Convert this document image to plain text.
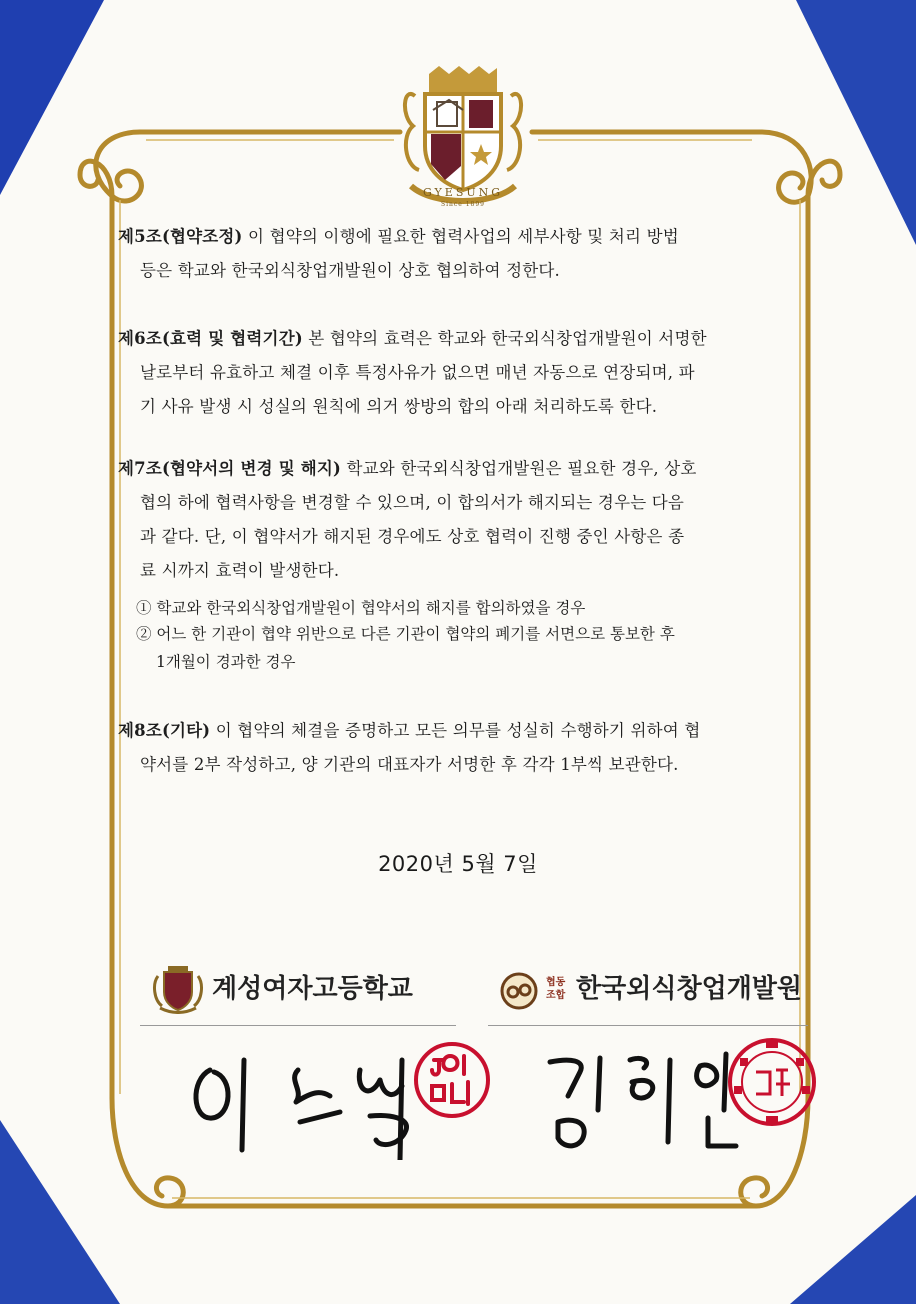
GYESUNG
Since 1899
제5조(협약조정) 이 협약의 이행에 필요한 협력사업의 세부사항 및 처리 방법
등은 학교와 한국외식창업개발원이 상호 협의하여 정한다.
제6조(효력 및 협력기간) 본 협약의 효력은 학교와 한국외식창업개발원이 서명한
날로부터 유효하고 체결 이후 특정사유가 없으면 매년 자동으로 연장되며, 파
기 사유 발생 시 성실의 원칙에 의거 쌍방의 합의 아래 처리하도록 한다.
제7조(협약서의 변경 및 해지) 학교와 한국외식창업개발원은 필요한 경우, 상호
협의 하에 협력사항을 변경할 수 있으며, 이 합의서가 해지되는 경우는 다음
과 같다. 단, 이 협약서가 해지된 경우에도 상호 협력이 진행 중인 사항은 종
료 시까지 효력이 발생한다.
① 학교와 한국외식창업개발원이 협약서의 해지를 합의하였을 경우
② 어느 한 기관이 협약 위반으로 다른 기관이 협약의 폐기를 서면으로 통보한 후
1개월이 경과한 경우
제8조(기타) 이 협약의 체결을 증명하고 모든 의무를 성실히 수행하기 위하여 협
약서를 2부 작성하고, 양 기관의 대표자가 서명한 후 각각 1부씩 보관한다.
2020년 5월 7일
계성여자고등학교	협동
조합 한국외식창업개발원
